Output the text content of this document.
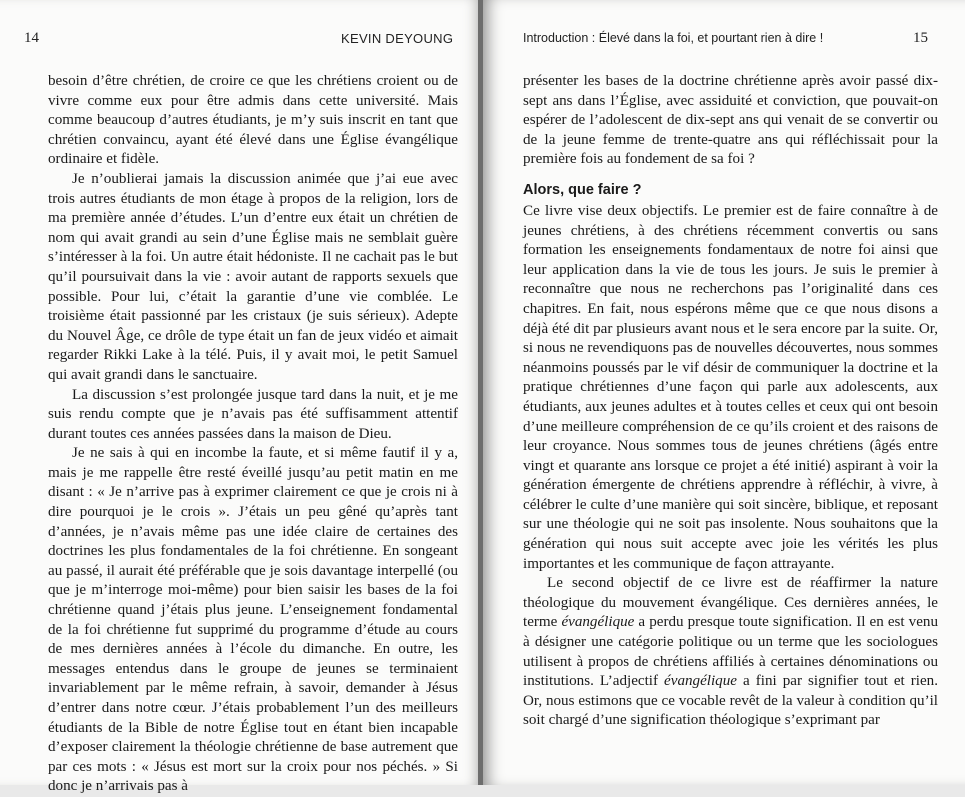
14	KEVIN DEYOUNG

besoin d’être chrétien, de croire ce que les chrétiens croient ou de vivre comme eux pour être admis dans cette université. Mais comme beaucoup d’autres étudiants, je m’y suis inscrit en tant que chrétien convaincu, ayant été élevé dans une Église évangélique ordinaire et fidèle.

Je n’oublierai jamais la discussion animée que j’ai eue avec trois autres étudiants de mon étage à propos de la religion, lors de ma première année d’études. L’un d’entre eux était un chrétien de nom qui avait grandi au sein d’une Église mais ne semblait guère s’intéresser à la foi. Un autre était hédoniste. Il ne cachait pas le but qu’il poursuivait dans la vie : avoir autant de rapports sexuels que possible. Pour lui, c’était la garantie d’une vie comblée. Le troisième était passionné par les cristaux (je suis sérieux). Adepte du Nouvel Âge, ce drôle de type était un fan de jeux vidéo et aimait regarder Rikki Lake à la télé. Puis, il y avait moi, le petit Samuel qui avait grandi dans le sanctuaire.

La discussion s’est prolongée jusque tard dans la nuit, et je me suis rendu compte que je n’avais pas été suffisamment attentif durant toutes ces années passées dans la maison de Dieu.

Je ne sais à qui en incombe la faute, et si même fautif il y a, mais je me rappelle être resté éveillé jusqu’au petit matin en me disant : « Je n’arrive pas à exprimer clairement ce que je crois ni à dire pourquoi je le crois ». J’étais un peu gêné qu’après tant d’années, je n’avais même pas une idée claire de certaines des doctrines les plus fondamentales de la foi chrétienne. En songeant au passé, il aurait été préférable que je sois davantage interpellé (ou que je m’interroge moi-même) pour bien saisir les bases de la foi chrétienne quand j’étais plus jeune. L’enseignement fondamental de la foi chrétienne fut supprimé du programme d’étude au cours de mes dernières années à l’école du dimanche. En outre, les messages entendus dans le groupe de jeunes se terminaient invariablement par le même refrain, à savoir, demander à Jésus d’entrer dans notre cœur. J’étais probablement l’un des meilleurs étudiants de la Bible de notre Église tout en étant bien incapable d’exposer clairement la théologie chrétienne de base autrement que par ces mots : « Jésus est mort sur la croix pour nos péchés. » Si donc je n’arrivais pas à

Introduction : Élevé dans la foi, et pourtant rien à dire !	15

présenter les bases de la doctrine chrétienne après avoir passé dix-sept ans dans l’Église, avec assiduité et conviction, que pouvait-on espérer de l’adolescent de dix-sept ans qui venait de se convertir ou de la jeune femme de trente-quatre ans qui réfléchissait pour la première fois au fondement de sa foi ?

Alors, que faire ?

Ce livre vise deux objectifs. Le premier est de faire connaître à de jeunes chrétiens, à des chrétiens récemment convertis ou sans formation les enseignements fondamentaux de notre foi ainsi que leur application dans la vie de tous les jours. Je suis le premier à reconnaître que nous ne recherchons pas l’originalité dans ces chapitres. En fait, nous espérons même que ce que nous disons a déjà été dit par plusieurs avant nous et le sera encore par la suite. Or, si nous ne revendiquons pas de nouvelles découvertes, nous sommes néanmoins poussés par le vif désir de communiquer la doctrine et la pratique chrétiennes d’une façon qui parle aux adolescents, aux étudiants, aux jeunes adultes et à toutes celles et ceux qui ont besoin d’une meilleure compréhension de ce qu’ils croient et des raisons de leur croyance. Nous sommes tous de jeunes chrétiens (âgés entre vingt et quarante ans lorsque ce projet a été initié) aspirant à voir la génération émergente de chrétiens apprendre à réfléchir, à vivre, à célébrer le culte d’une manière qui soit sincère, biblique, et reposant sur une théologie qui ne soit pas insolente. Nous souhaitons que la génération qui nous suit accepte avec joie les vérités les plus importantes et les communique de façon attrayante.

Le second objectif de ce livre est de réaffirmer la nature théologique du mouvement évangélique. Ces dernières années, le terme évangélique a perdu presque toute signification. Il en est venu à désigner une catégorie politique ou un terme que les sociologues utilisent à propos de chrétiens affiliés à certaines dénominations ou institutions. L’adjectif évangélique a fini par signifier tout et rien. Or, nous estimons que ce vocable revêt de la valeur à condition qu’il soit chargé d’une signification théologique s’exprimant par
